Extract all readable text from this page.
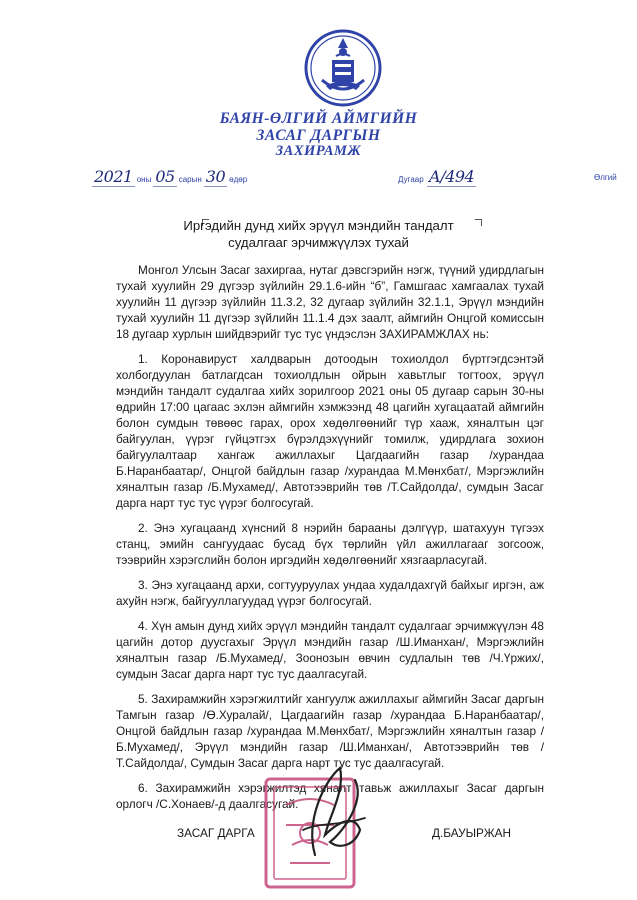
БАЯН-ӨЛГИЙ АЙМГИЙН
ЗАСАГ ДАРГЫН
ЗАХИРАМЖ
2021 оны 05 сарын 30 өдөр	Дугаар А/494	Өлгий
Иргэдийн дунд хийх эрүүл мэндийн тандалт
судалгааг эрчимжүүлэх тухай

Монгол Улсын Засаг захиргаа, нутаг дэвсгэрийн нэгж, түүний удирдлагын тухай хуулийн 29 дүгээр зүйлийн 29.1.6-ийн “б”, Гамшгаас хамгаалах тухай хуулийн 11 дүгээр зүйлийн 11.3.2, 32 дугаар зүйлийн 32.1.1, Эрүүл мэндийн тухай хуулийн 11 дүгээр зүйлийн 11.1.4 дэх заалт, аймгийн Онцгой комиссын 18 дугаар хурлын шийдвэрийг тус тус үндэслэн ЗАХИРАМЖЛАХ нь:

1. Коронавируст халдварын дотоодын тохиолдол бүртгэгдсэнтэй холбогдуулан батлагдсан тохиолдлын ойрын хавьтлыг тогтоох, эрүүл мэндийн тандалт судалгаа хийх зорилгоор 2021 оны 05 дугаар сарын 30-ны өдрийн 17:00 цагаас эхлэн аймгийн хэмжээнд 48 цагийн хугацаатай аймгийн болон сумдын төвөөс гарах, орох хөдөлгөөнийг түр хааж, хяналтын цэг байгуулан, үүрэг гүйцэтгэх бүрэлдэхүүнийг томилж, удирдлага зохион байгуулалтаар хангаж ажиллахыг Цагдаагийн газар /хурандаа Б.Наранбаатар/, Онцгой байдлын газар /хурандаа М.Мөнхбат/, Мэргэжлийн хяналтын газар /Б.Мухамед/, Автотээврийн төв /Т.Сайдолда/, сумдын Засаг дарга нарт тус тус үүрэг болгосугай.

2. Энэ хугацаанд хүнсний 8 нэрийн барааны дэлгүүр, шатахуун түгээх станц, эмийн сангуудаас бусад бүх төрлийн үйл ажиллагааг зогсоож, тээврийн хэрэгслийн болон иргэдийн хөдөлгөөнийг хязгаарласугай.

3. Энэ хугацаанд архи, согтууруулах ундаа худалдахгүй байхыг иргэн, аж ахуйн нэгж, байгууллагуудад үүрэг болгосугай.

4. Хүн амын дунд хийх эрүүл мэндийн тандалт судалгааг эрчимжүүлэн 48 цагийн дотор дуусгахыг Эрүүл мэндийн газар /Ш.Иманхан/, Мэргэжлийн хяналтын газар /Б.Мухамед/, Зоонозын өвчин судлалын төв /Ч.Үржих/, сумдын Засаг дарга нарт тус тус даалгасугай.

5. Захирамжийн хэрэгжилтийг хангуулж ажиллахыг аймгийн Засаг даргын Тамгын газар /Ө.Хуралай/, Цагдаагийн газар /хурандаа Б.Наранбаатар/, Онцгой байдлын газар /хурандаа М.Мөнхбат/, Мэргэжлийн хяналтын газар /Б.Мухамед/, Эрүүл мэндийн газар /Ш.Иманхан/, Автотээврийн төв /Т.Сайдолда/, Сумдын Засаг дарга нарт тус тус даалгасугай.

6. Захирамжийн хэрэгжилтэд хяналт тавьж ажиллахыг Засаг даргын орлогч /С.Хонаев/-д даалгасугай.

ЗАСАГ ДАРГА	Д.БАУЫРЖАН
